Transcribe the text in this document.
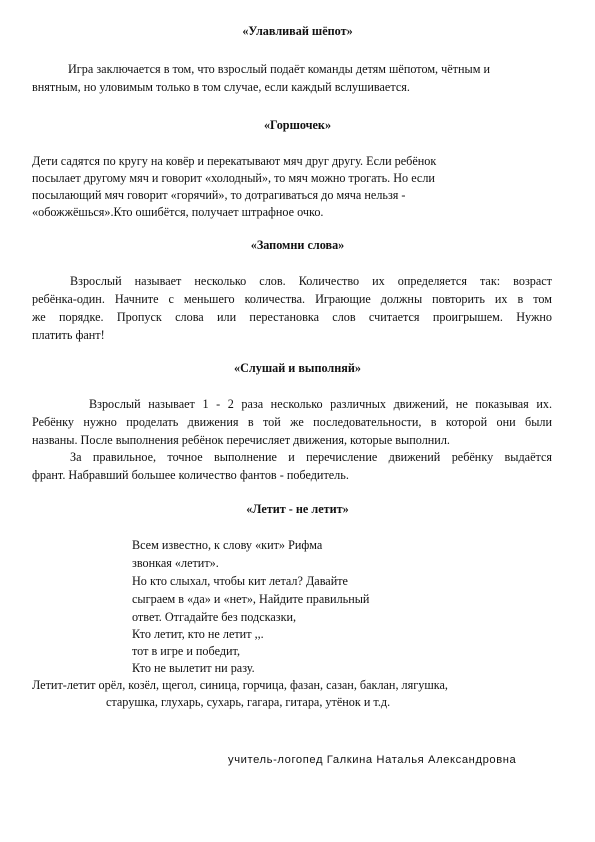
«Улавливай шёпот»
Игра заключается в том, что взрослый подаёт команды детям шёпотом, чётным и
внятным, но уловимым только в том случае, если каждый вслушивается.
«Горшочек»
Дети садятся по кругу на ковёр и перекатывают мяч друг другу. Если ребёнок
посылает другому мяч и говорит «холодный», то мяч можно трогать. Но если
посылающий мяч говорит «горячий», то дотрагиваться до мяча нельзя -
«обожжёшься».Кто ошибётся, получает штрафное очко.
«Запомни слова»
Взрослый называет несколько слов. Количество их определяется так: возраст
ребёнка-один. Начните с меньшего количества. Играющие должны повторить их в том
же порядке. Пропуск слова или перестановка слов считается проигрышем. Нужно
платить фант!
«Слушай и выполняй»
Взрослый называет 1 - 2 раза несколько различных движений, не показывая их.
Ребёнку нужно проделать движения в той же последовательности, в которой они были
названы. После выполнения ребёнок перечисляет движения, которые выполнил.
За правильное, точное выполнение и перечисление движений ребёнку выдаётся
франт. Набравший большее количество фантов - победитель.
«Летит - не летит»
Всем известно, к слову «кит» Рифма
звонкая «летит».
Но кто слыхал, чтобы кит летал? Давайте
сыграем в «да» и «нет», Найдите правильный
ответ. Отгадайте без подсказки,
Кто летит, кто не летит ,,.
тот в игре и победит,
Кто не вылетит ни разу.
Летит-летит орёл, козёл, щегол, синица, горчица, фазан, сазан, баклан, лягушка,
старушка, глухарь, сухарь, гагара, гитара, утёнок и т.д.
учитель-логопед Галкина Наталья Александровна
